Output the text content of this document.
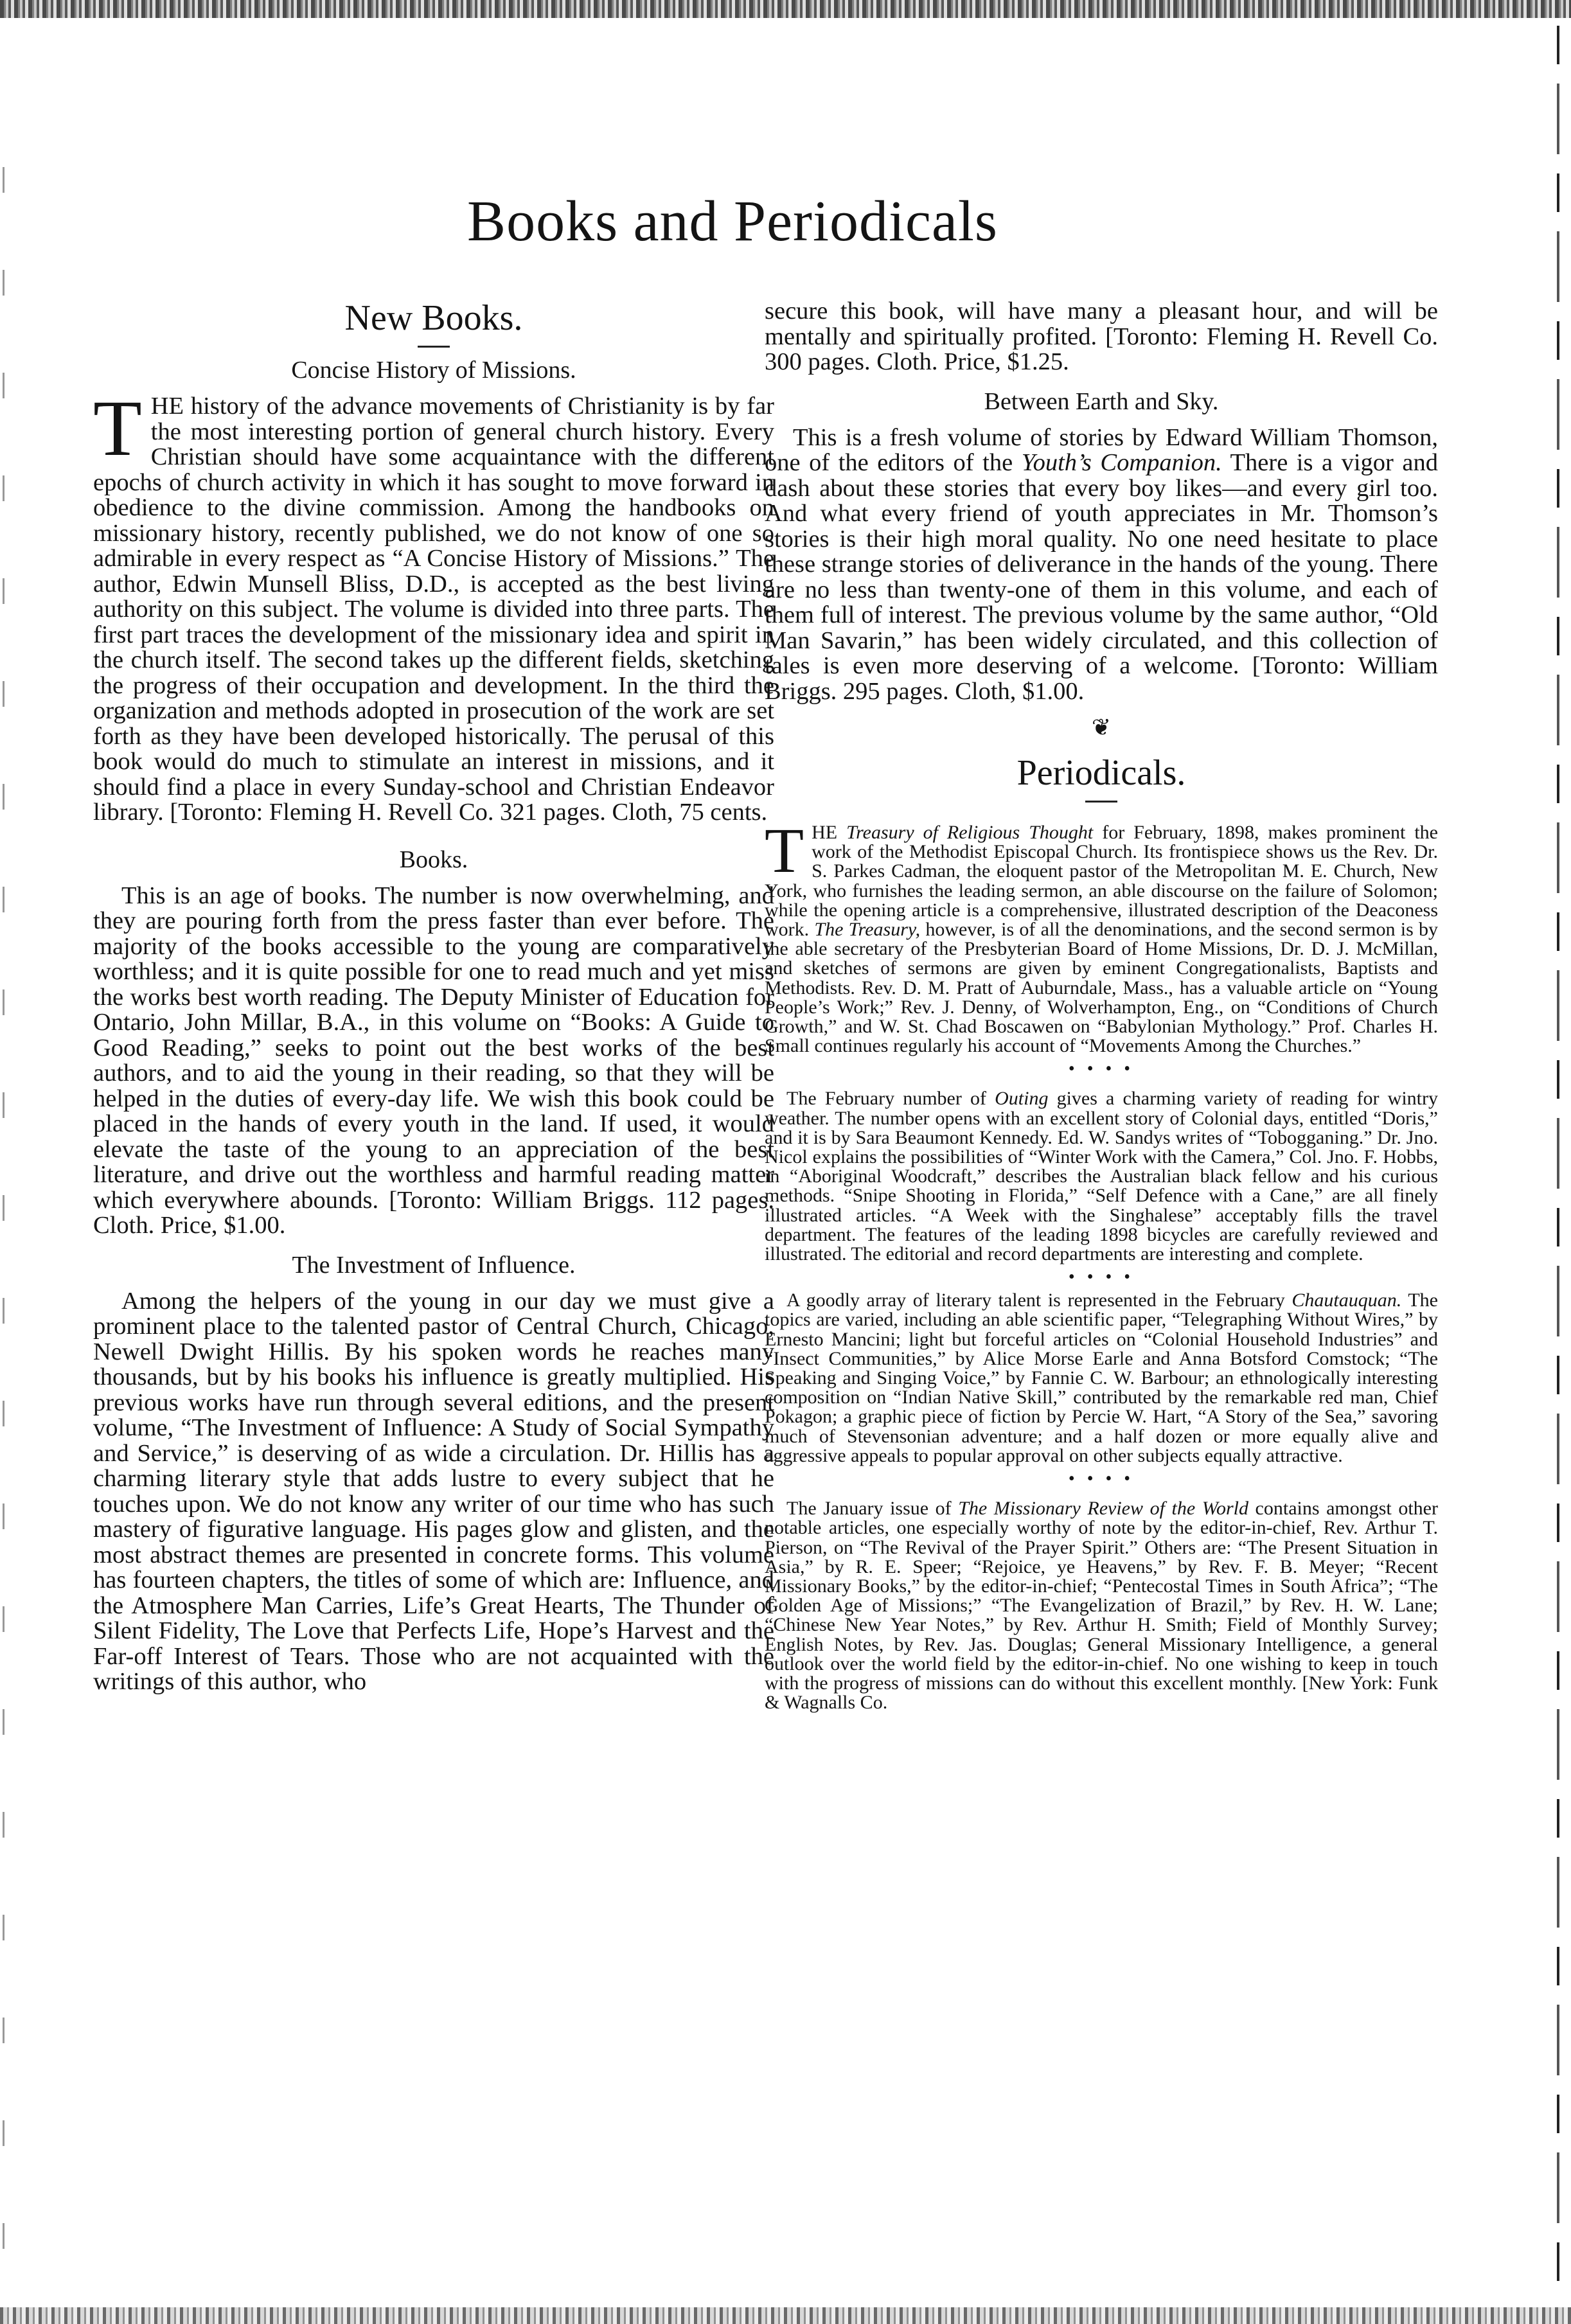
Books and Periodicals
New Books.
Concise History of Missions.

THE history of the advance movements of Christianity is by far the most interesting portion of general church history. Every Christian should have some acquaintance with the different epochs of church activity in which it has sought to move forward in obedience to the divine commission. Among the handbooks on missionary history, recently published, we do not know of one so admirable in every respect as “A Concise History of Missions.” The author, Edwin Munsell Bliss, D.D., is accepted as the best living authority on this subject. The volume is divided into three parts. The first part traces the development of the missionary idea and spirit in the church itself. The second takes up the different fields, sketching the progress of their occupation and development. In the third the organization and methods adopted in prosecution of the work are set forth as they have been developed historically. The perusal of this book would do much to stimulate an interest in missions, and it should find a place in every Sunday-school and Christian Endeavor library. [Toronto: Fleming H. Revell Co. 321 pages. Cloth, 75 cents.

Books.

This is an age of books. The number is now overwhelming, and they are pouring forth from the press faster than ever before. The majority of the books accessible to the young are comparatively worthless; and it is quite possible for one to read much and yet miss the works best worth reading. The Deputy Minister of Education for Ontario, John Millar, B.A., in this volume on “Books: A Guide to Good Reading,” seeks to point out the best works of the best authors, and to aid the young in their reading, so that they will be helped in the duties of every-day life. We wish this book could be placed in the hands of every youth in the land. If used, it would elevate the taste of the young to an appreciation of the best literature, and drive out the worthless and harmful reading matter which everywhere abounds. [Toronto: William Briggs. 112 pages. Cloth. Price, $1.00.

The Investment of Influence.

Among the helpers of the young in our day we must give a prominent place to the talented pastor of Central Church, Chicago, Newell Dwight Hillis. By his spoken words he reaches many thousands, but by his books his influence is greatly multiplied. His previous works have run through several editions, and the present volume, “The Investment of Influence: A Study of Social Sympathy and Service,” is deserving of as wide a circulation. Dr. Hillis has a charming literary style that adds lustre to every subject that he touches upon. We do not know any writer of our time who has such mastery of figurative language. His pages glow and glisten, and the most abstract themes are presented in concrete forms. This volume has fourteen chapters, the titles of some of which are: Influence, and the Atmosphere Man Carries, Life’s Great Hearts, The Thunder of Silent Fidelity, The Love that Perfects Life, Hope’s Harvest and the Far-off Interest of Tears. Those who are not acquainted with the writings of this author, who

secure this book, will have many a pleasant hour, and will be mentally and spiritually profited. [Toronto: Fleming H. Revell Co. 300 pages. Cloth. Price, $1.25.

Between Earth and Sky.

This is a fresh volume of stories by Edward William Thomson, one of the editors of the Youth’s Companion. There is a vigor and dash about these stories that every boy likes—and every girl too. And what every friend of youth appreciates in Mr. Thomson’s stories is their high moral quality. No one need hesitate to place these strange stories of deliverance in the hands of the young. There are no less than twenty-one of them in this volume, and each of them full of interest. The previous volume by the same author, “Old Man Savarin,” has been widely circulated, and this collection of tales is even more deserving of a welcome. [Toronto: William Briggs. 295 pages. Cloth, $1.00.

❦
Periodicals.

THE Treasury of Religious Thought for February, 1898, makes prominent the work of the Methodist Episcopal Church. Its frontispiece shows us the Rev. Dr. S. Parkes Cadman, the eloquent pastor of the Metropolitan M. E. Church, New York, who furnishes the leading sermon, an able discourse on the failure of Solomon; while the opening article is a comprehensive, illustrated description of the Deaconess work. The Treasury, however, is of all the denominations, and the second sermon is by the able secretary of the Presbyterian Board of Home Missions, Dr. D. J. McMillan, and sketches of sermons are given by eminent Congregationalists, Baptists and Methodists. Rev. D. M. Pratt of Auburndale, Mass., has a valuable article on “Young People’s Work;” Rev. J. Denny, of Wolverhampton, Eng., on “Conditions of Church Growth,” and W. St. Chad Boscawen on “Babylonian Mythology.” Prof. Charles H. Small continues regularly his account of “Movements Among the Churches.”

• • • •

The February number of Outing gives a charming variety of reading for wintry weather. The number opens with an excellent story of Colonial days, entitled “Doris,” and it is by Sara Beaumont Kennedy. Ed. W. Sandys writes of “Tobogganing.” Dr. Jno. Nicol explains the possibilities of “Winter Work with the Camera,” Col. Jno. F. Hobbs, in “Aboriginal Woodcraft,” describes the Australian black fellow and his curious methods. “Snipe Shooting in Florida,” “Self Defence with a Cane,” are all finely illustrated articles. “A Week with the Singhalese” acceptably fills the travel department. The features of the leading 1898 bicycles are carefully reviewed and illustrated. The editorial and record departments are interesting and complete.

• • • •

A goodly array of literary talent is represented in the February Chautauquan. The topics are varied, including an able scientific paper, “Telegraphing Without Wires,” by Ernesto Mancini; light but forceful articles on “Colonial Household Industries” and “Insect Communities,” by Alice Morse Earle and Anna Botsford Comstock; “The Speaking and Singing Voice,” by Fannie C. W. Barbour; an ethnologically interesting composition on “Indian Native Skill,” contributed by the remarkable red man, Chief Pokagon; a graphic piece of fiction by Percie W. Hart, “A Story of the Sea,” savoring much of Stevensonian adventure; and a half dozen or more equally alive and aggressive appeals to popular approval on other subjects equally attractive.

• • • •

The January issue of The Missionary Review of the World contains amongst other notable articles, one especially worthy of note by the editor-in-chief, Rev. Arthur T. Pierson, on “The Revival of the Prayer Spirit.” Others are: “The Present Situation in Asia,” by R. E. Speer; “Rejoice, ye Heavens,” by Rev. F. B. Meyer; “Recent Missionary Books,” by the editor-in-chief; “Pentecostal Times in South Africa”; “The Golden Age of Missions;” “The Evangelization of Brazil,” by Rev. H. W. Lane; “Chinese New Year Notes,” by Rev. Arthur H. Smith; Field of Monthly Survey; English Notes, by Rev. Jas. Douglas; General Missionary Intelligence, a general outlook over the world field by the editor-in-chief. No one wishing to keep in touch with the progress of missions can do without this excellent monthly. [New York: Funk & Wagnalls Co.
